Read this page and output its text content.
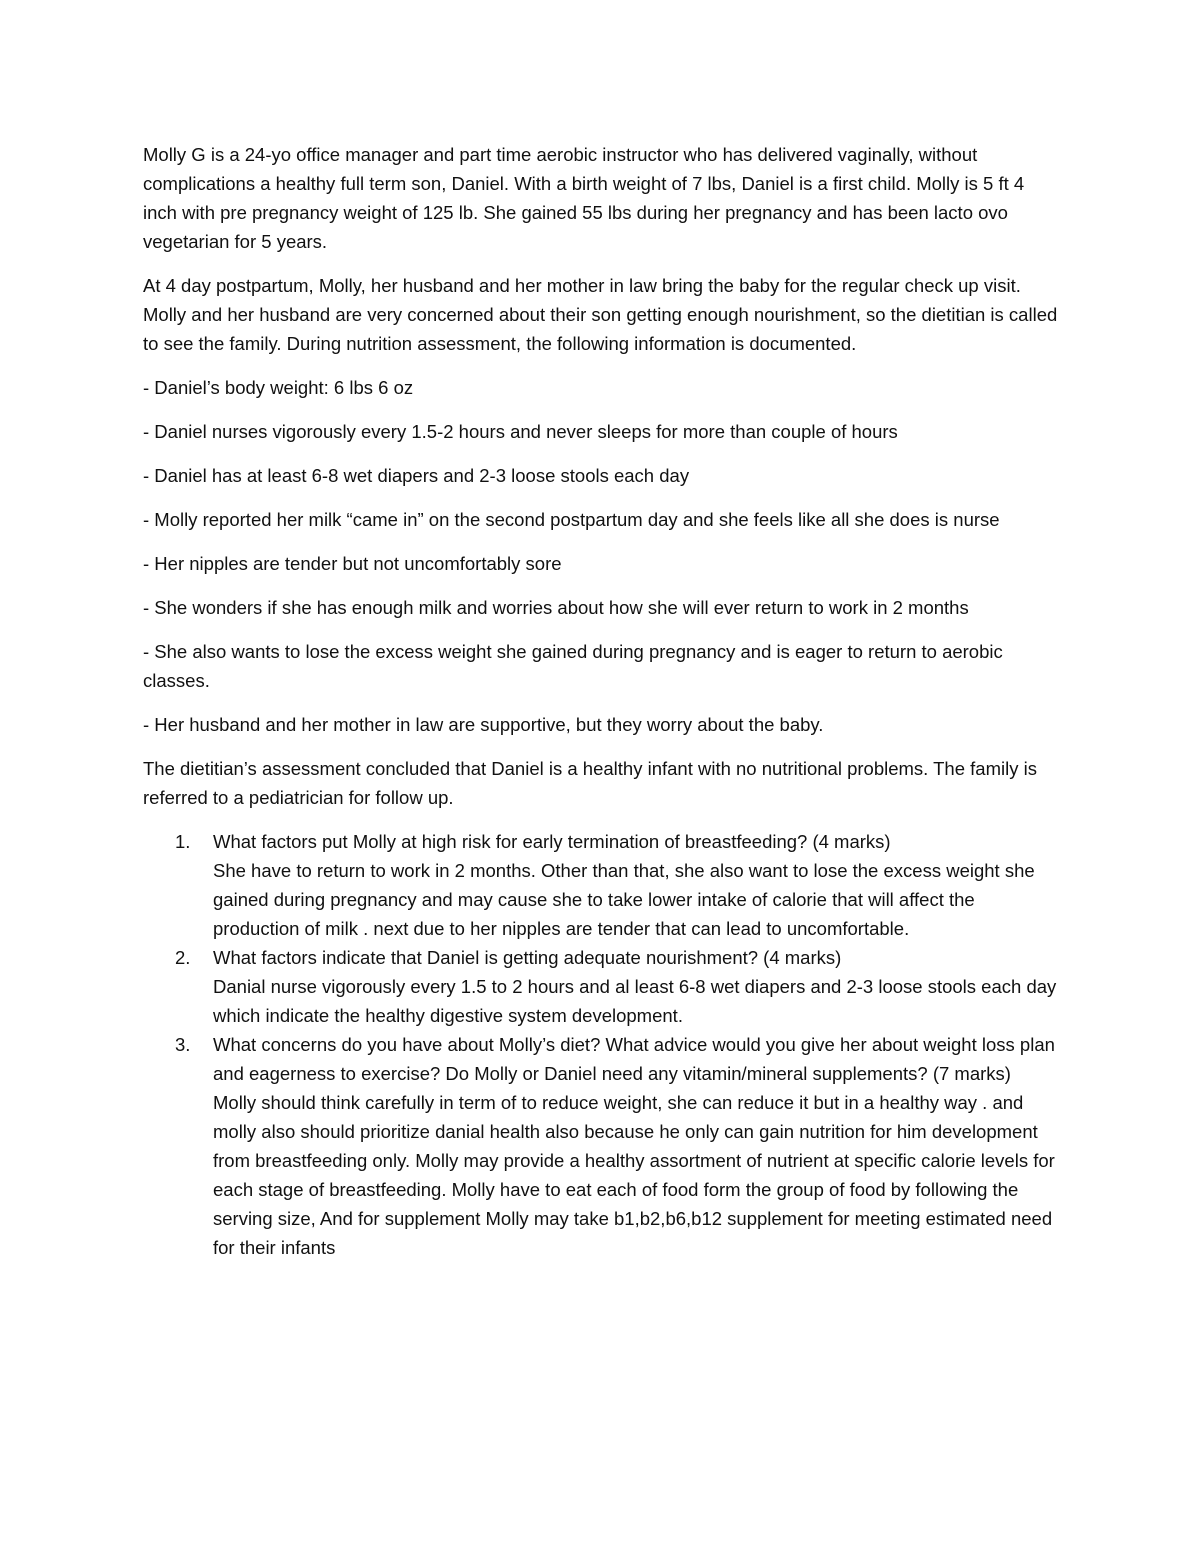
Molly G is a 24-yo office manager and part time aerobic instructor who has delivered vaginally, without complications a healthy full term son, Daniel. With a birth weight of 7 lbs, Daniel is a first child. Molly is 5 ft 4 inch with pre pregnancy weight of 125 lb. She gained 55 lbs during her pregnancy and has been lacto ovo vegetarian for 5 years.

At 4 day postpartum, Molly, her husband and her mother in law bring the baby for the regular check up visit. Molly and her husband are very concerned about their son getting enough nourishment, so the dietitian is called to see the family. During nutrition assessment, the following information is documented.

- Daniel’s body weight: 6 lbs 6 oz

- Daniel nurses vigorously every 1.5-2 hours and never sleeps for more than couple of hours

- Daniel has at least 6-8 wet diapers and 2-3 loose stools each day

- Molly reported her milk “came in” on the second postpartum day and she feels like all she does is nurse

- Her nipples are tender but not uncomfortably sore

- She wonders if she has enough milk and worries about how she will ever return to work in 2 months

- She also wants to lose the excess weight she gained during pregnancy and is eager to return to aerobic classes.

- Her husband and her mother in law are supportive, but they worry about the baby.

The dietitian’s assessment concluded that Daniel is a healthy infant with no nutritional problems. The family is referred to a pediatrician for follow up.

1. What factors put Molly at high risk for early termination of breastfeeding? (4 marks)
She have to return to work in 2 months. Other than that, she also want to lose the excess weight she gained during pregnancy and may cause she to take lower intake of calorie that will affect the production of milk . next due to her nipples are tender that can lead to uncomfortable.
2. What factors indicate that Daniel is getting adequate nourishment? (4 marks)
Danial nurse vigorously every 1.5 to 2 hours and al least 6-8 wet diapers and 2-3 loose stools each day which indicate the healthy digestive system development.
3. What concerns do you have about Molly’s diet? What advice would you give her about weight loss plan and eagerness to exercise? Do Molly or Daniel need any vitamin/mineral supplements? (7 marks)
Molly should think carefully in term of to reduce weight, she can reduce it but in a healthy way . and molly also should prioritize danial health also because he only can gain nutrition for him development from breastfeeding only. Molly may provide a healthy assortment of nutrient at specific calorie levels for each stage of breastfeeding. Molly have to eat each of food form the group of food by following the serving size, And for supplement Molly may take b1,b2,b6,b12 supplement for meeting estimated need for their infants
